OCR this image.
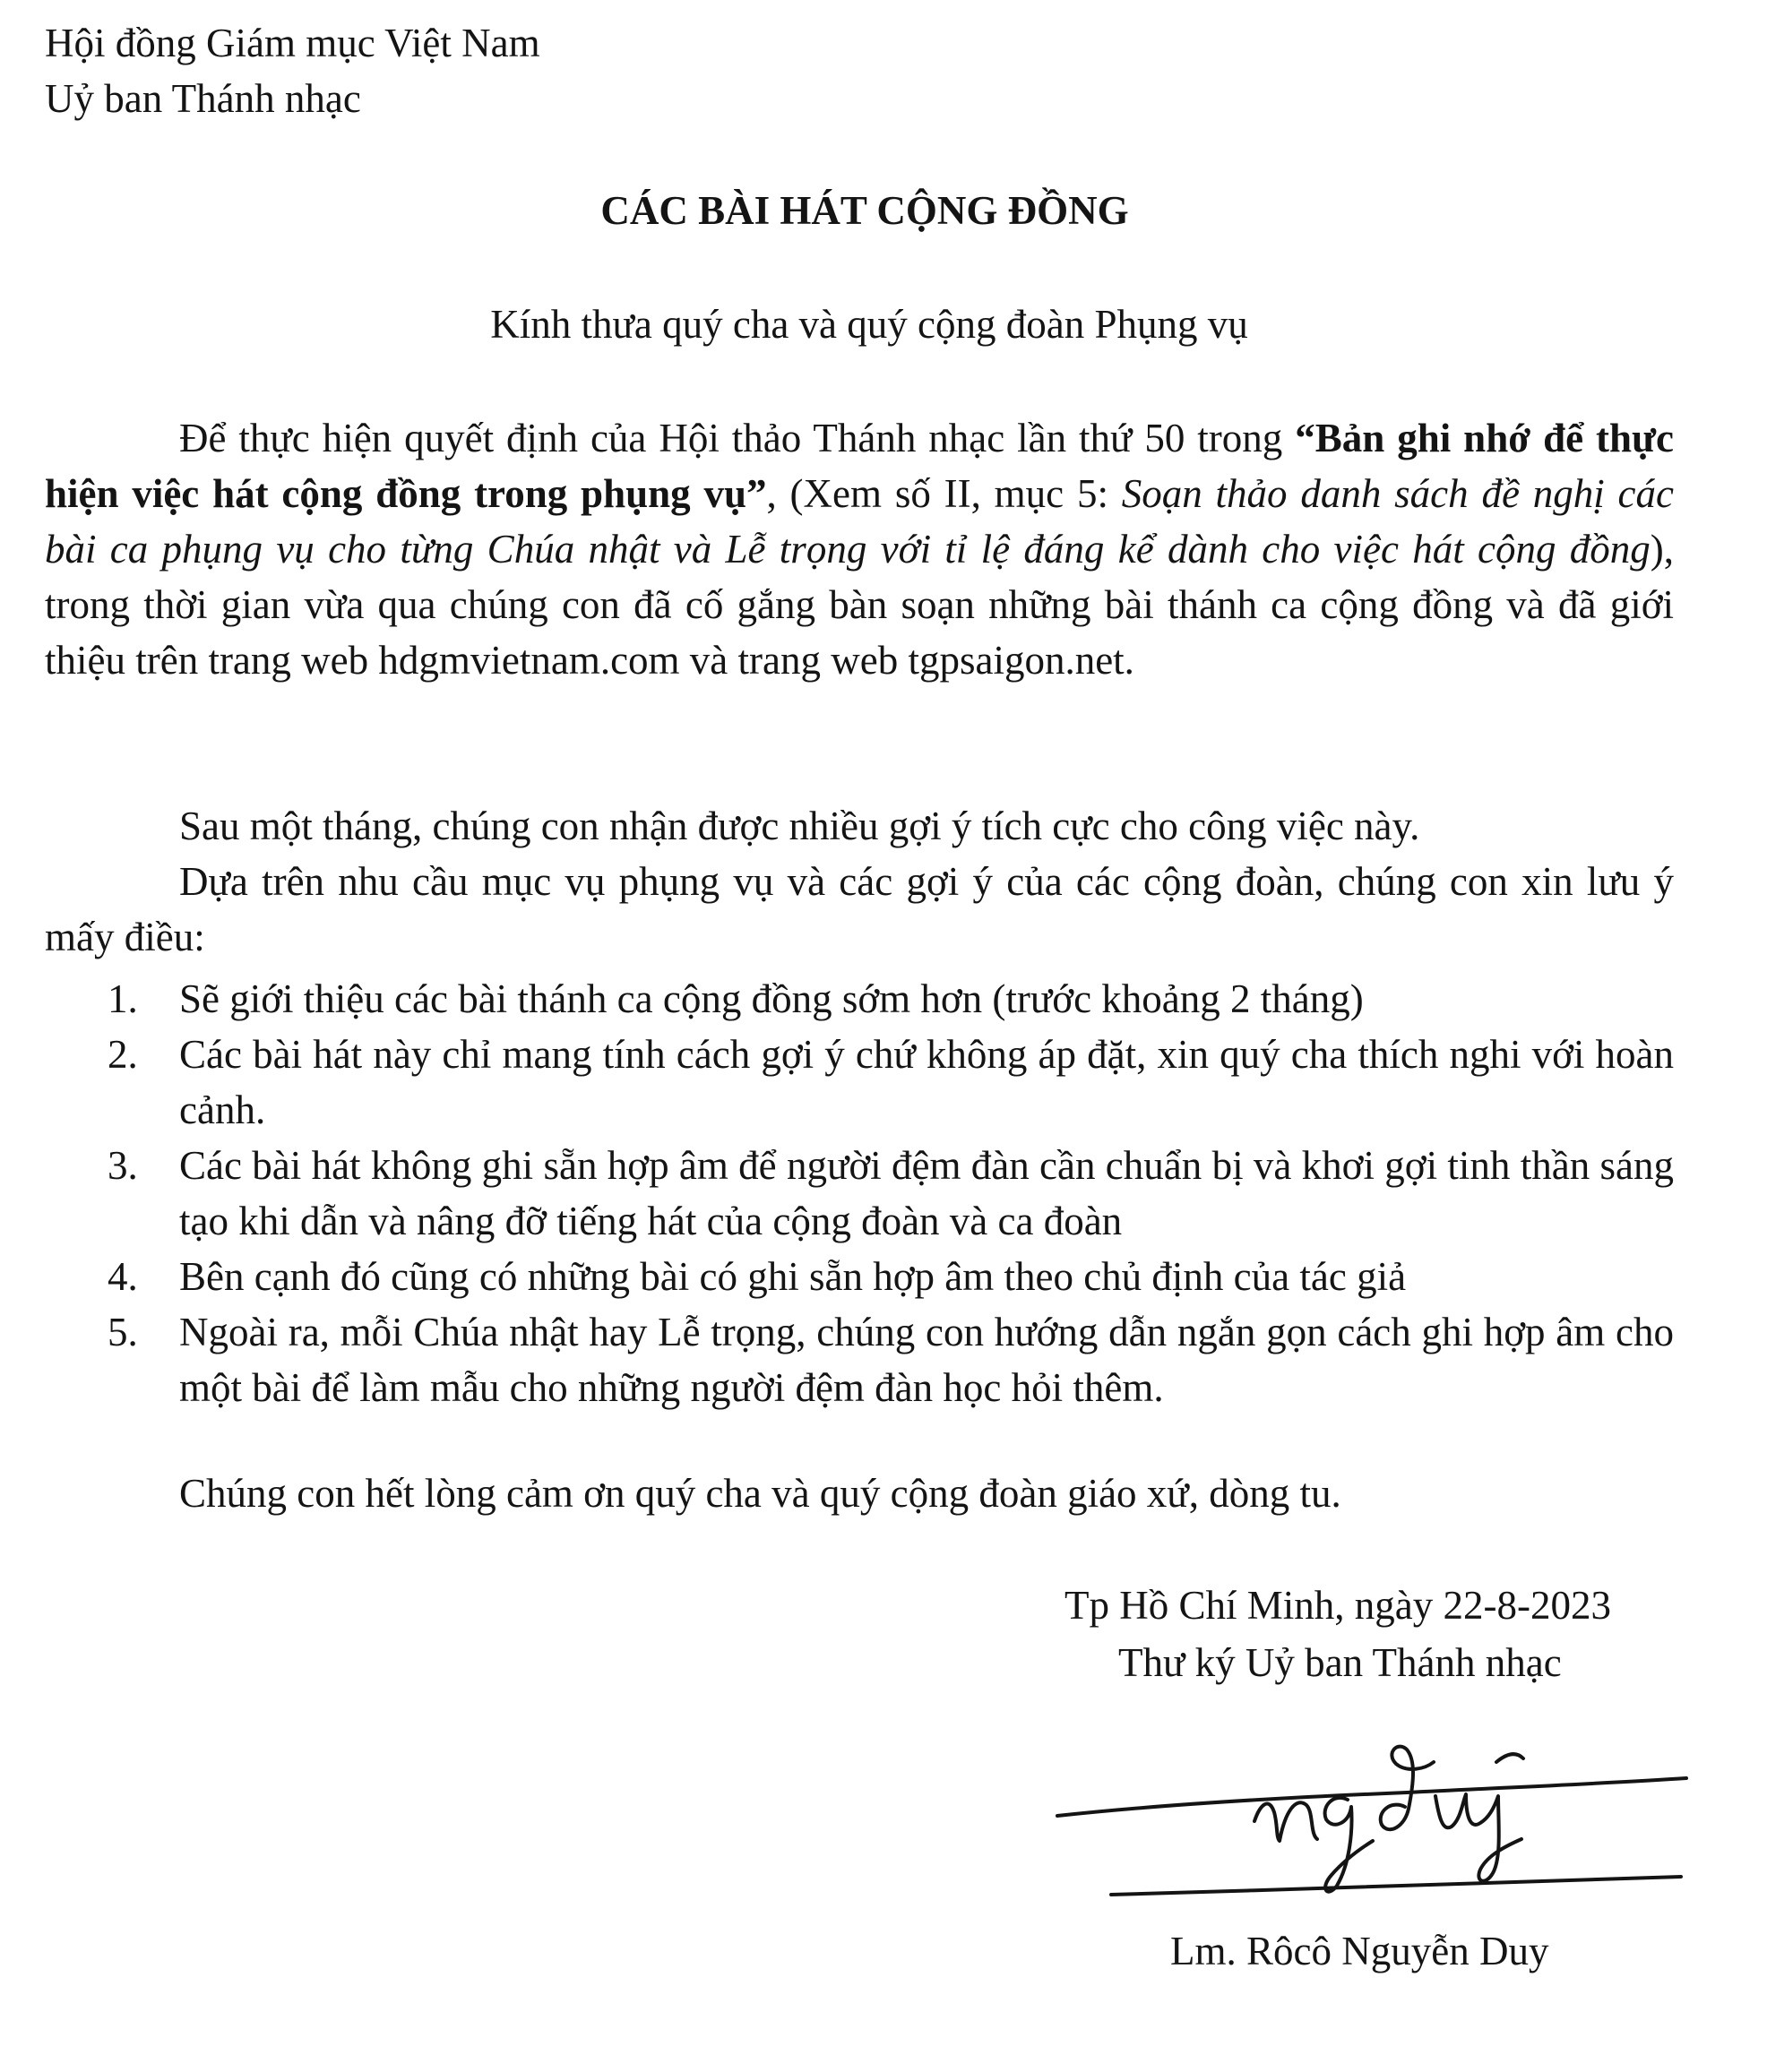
Hội đồng Giám mục Việt Nam
Uỷ ban Thánh nhạc
CÁC BÀI HÁT CỘNG ĐỒNG
Kính thưa quý cha và quý cộng đoàn Phụng vụ
Để thực hiện quyết định của Hội thảo Thánh nhạc lần thứ 50 trong “Bản ghi nhớ để thực hiện việc hát cộng đồng trong phụng vụ”, (Xem số II, mục 5: Soạn thảo danh sách đề nghị các bài ca phụng vụ cho từng Chúa nhật và Lễ trọng với tỉ lệ đáng kể dành cho việc hát cộng đồng), trong thời gian vừa qua chúng con đã cố gắng bàn soạn những bài thánh ca cộng đồng và đã giới thiệu trên trang web hdgmvietnam.com và trang web tgpsaigon.net.
Sau một tháng, chúng con nhận được nhiều gợi ý tích cực cho công việc này.
Dựa trên nhu cầu mục vụ phụng vụ và các gợi ý của các cộng đoàn, chúng con xin lưu ý mấy điều:
1. Sẽ giới thiệu các bài thánh ca cộng đồng sớm hơn (trước khoảng 2 tháng)
2. Các bài hát này chỉ mang tính cách gợi ý chứ không áp đặt, xin quý cha thích nghi với hoàn cảnh.
3. Các bài hát không ghi sẵn hợp âm để người đệm đàn cần chuẩn bị và khơi gợi tinh thần sáng tạo khi dẫn và nâng đỡ tiếng hát của cộng đoàn và ca đoàn
4. Bên cạnh đó cũng có những bài có ghi sẵn hợp âm theo chủ định của tác giả
5. Ngoài ra, mỗi Chúa nhật hay Lễ trọng, chúng con hướng dẫn ngắn gọn cách ghi hợp âm cho một bài để làm mẫu cho những người đệm đàn học hỏi thêm.
Chúng con hết lòng cảm ơn quý cha và quý cộng đoàn giáo xứ, dòng tu.
Tp Hồ Chí Minh, ngày 22-8-2023
Thư ký Uỷ ban Thánh nhạc
ngduy
Lm. Rôcô Nguyễn Duy
